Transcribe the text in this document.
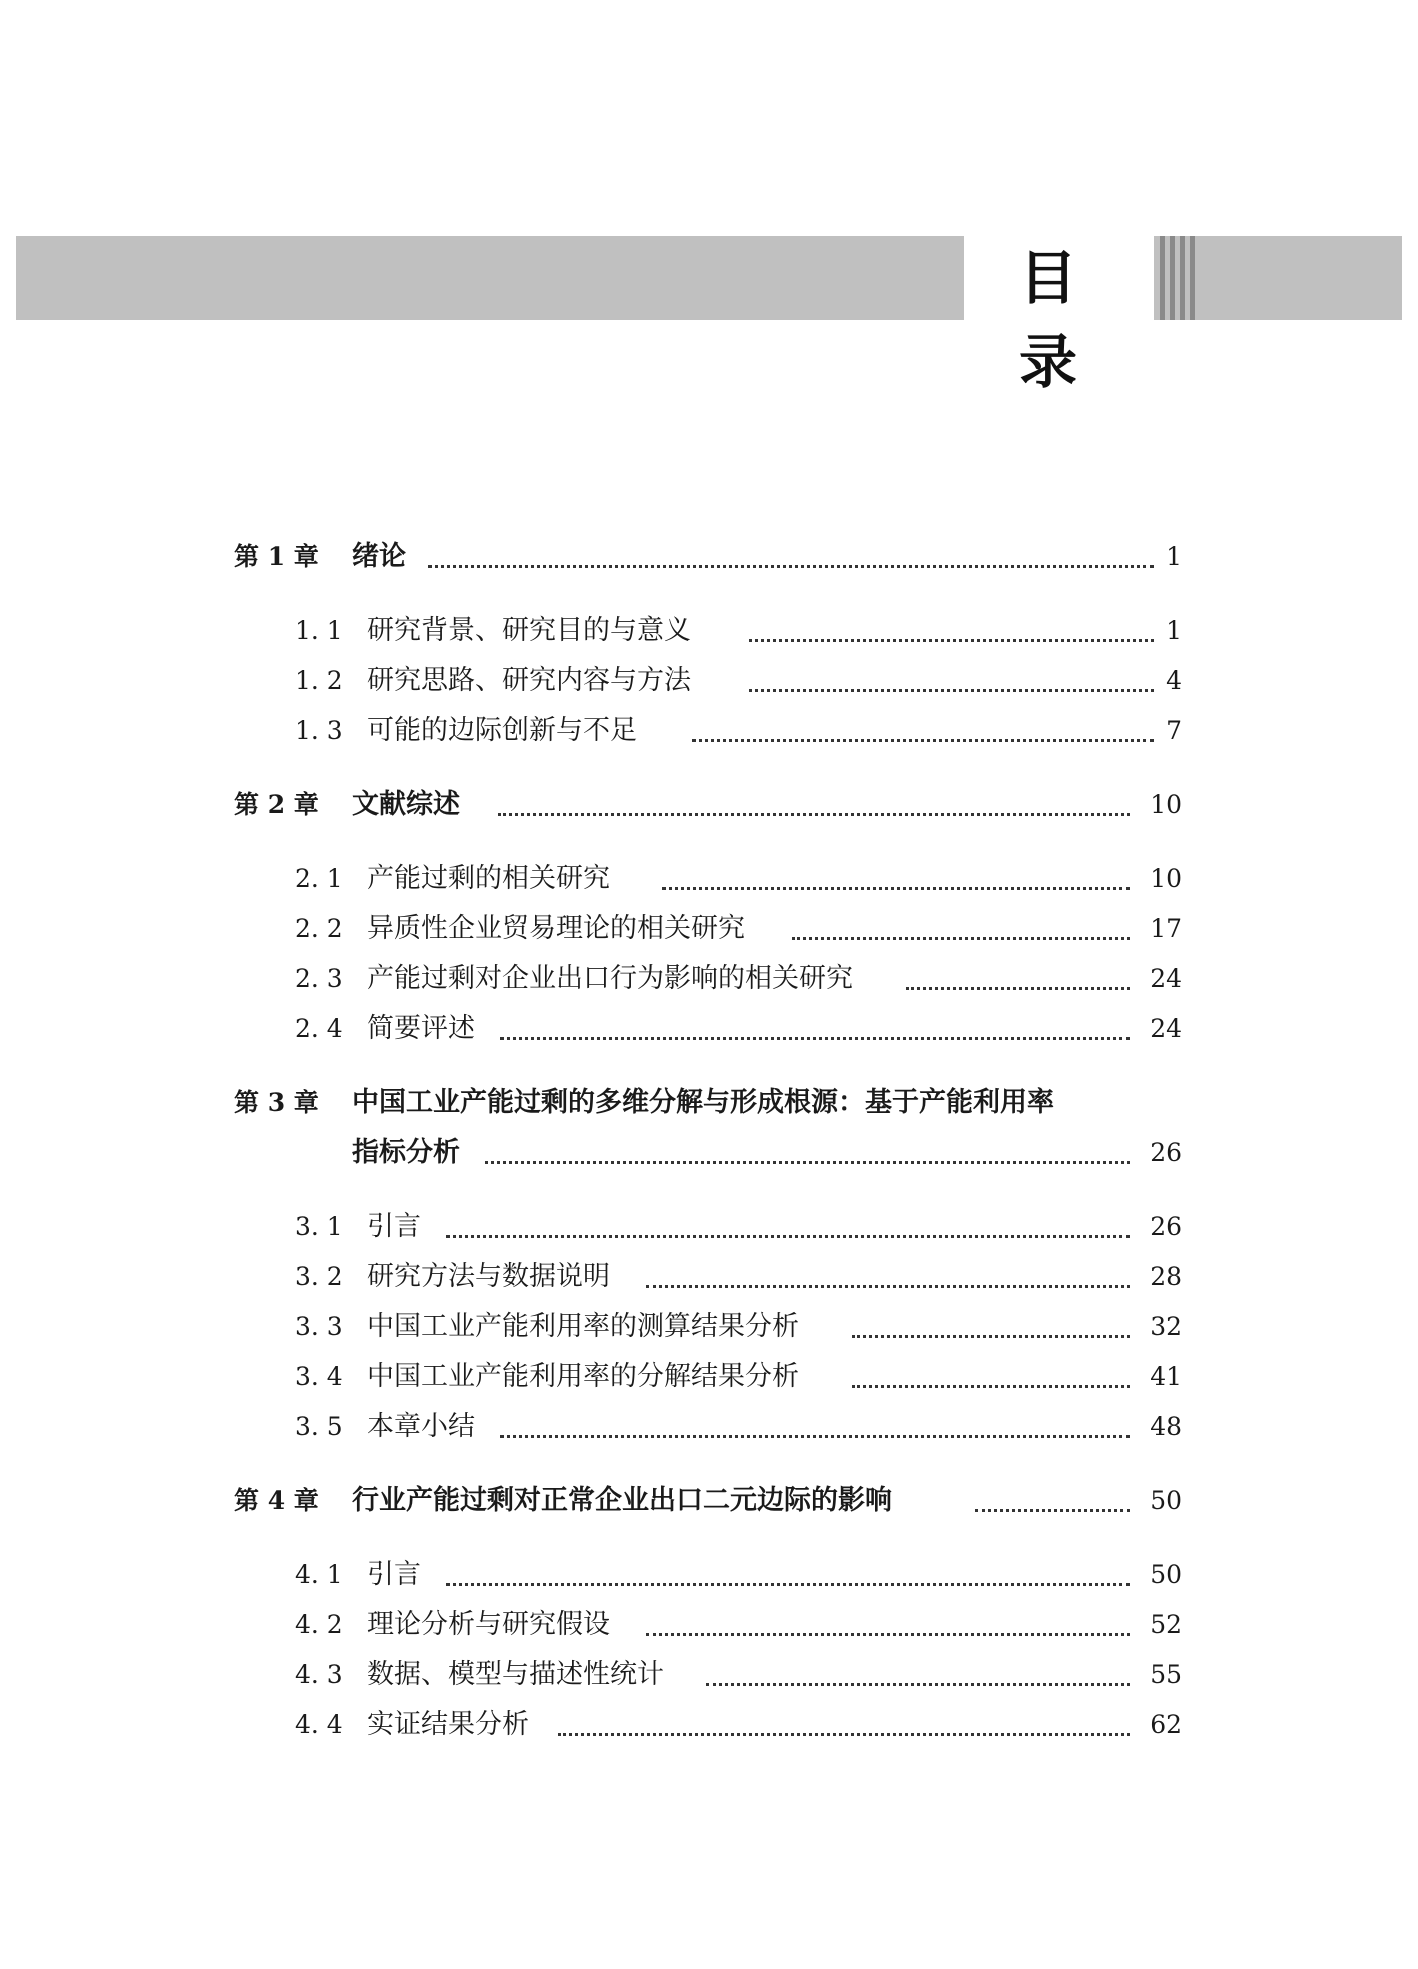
目 录
第 1 章 绪论	1
1. 1 研究背景、研究目的与意义	1
1. 2 研究思路、研究内容与方法	4
1. 3 可能的边际创新与不足	7
第 2 章 文献综述	10
2. 1 产能过剩的相关研究	10
2. 2 异质性企业贸易理论的相关研究	17
2. 3 产能过剩对企业出口行为影响的相关研究	24
2. 4 简要评述	24
第 3 章 中国工业产能过剩的多维分解与形成根源：基于产能利用率
指标分析	26
3. 1 引言	26
3. 2 研究方法与数据说明	28
3. 3 中国工业产能利用率的测算结果分析	32
3. 4 中国工业产能利用率的分解结果分析	41
3. 5 本章小结	48
第 4 章 行业产能过剩对正常企业出口二元边际的影响	50
4. 1 引言	50
4. 2 理论分析与研究假设	52
4. 3 数据、模型与描述性统计	55
4. 4 实证结果分析	62
